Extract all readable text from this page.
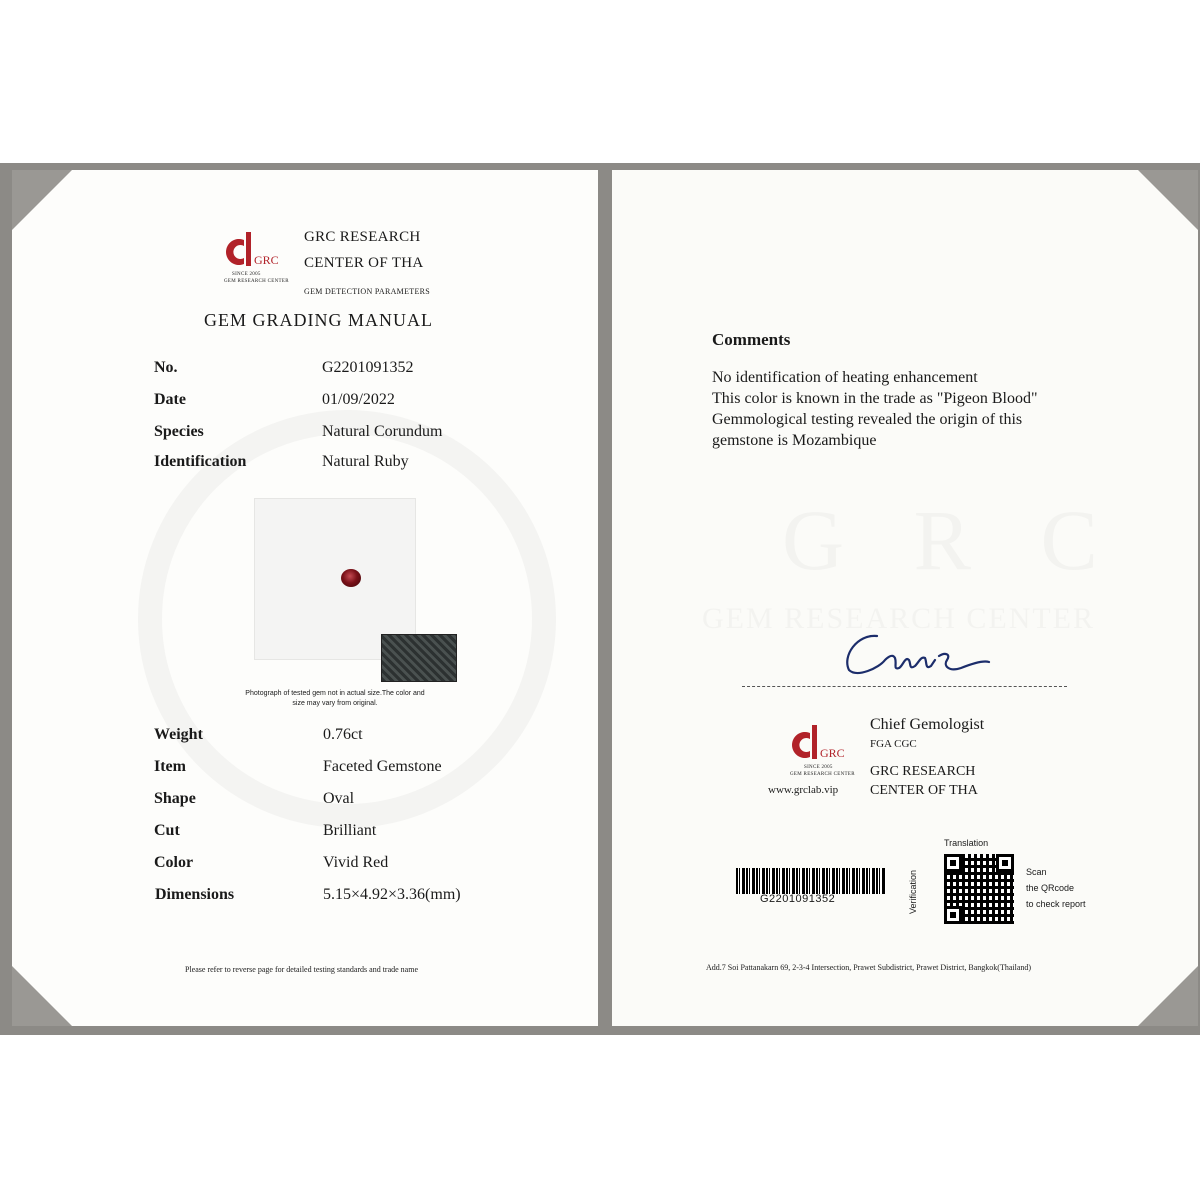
GRC
SINCE 2005
GEM RESEARCH CENTER
GRC RESEARCH
CENTER OF THA
GEM DETECTION PARAMETERS
GEM GRADING MANUAL
No.	G2201091352
Date	01/09/2022
Species	Natural Corundum
Identification	Natural Ruby
Photograph of tested gem not in actual size.The color and
size may vary from original.
Weight	0.76ct
Item	Faceted Gemstone
Shape	Oval
Cut	Brilliant
Color	Vivid Red
Dimensions	5.15×4.92×3.36(mm)
Please refer to reverse page for detailed testing standards and trade name
G R C
GEM RESEARCH CENTER
Comments
No identification of heating enhancement
This color is known in the trade as "Pigeon Blood"
Gemmological testing revealed the origin of this
gemstone is Mozambique
GRC
SINCE 2005
GEM RESEARCH CENTER
www.grclab.vip
Chief Gemologist
FGA CGC
GRC RESEARCH
CENTER OF THA
G2201091352
Translation
Verification	Scan
the QRcode
to check report
Add.7 Soi Pattanakarn 69, 2-3-4 Intersection, Prawet Subdistrict, Prawet District, Bangkok(Thailand)
